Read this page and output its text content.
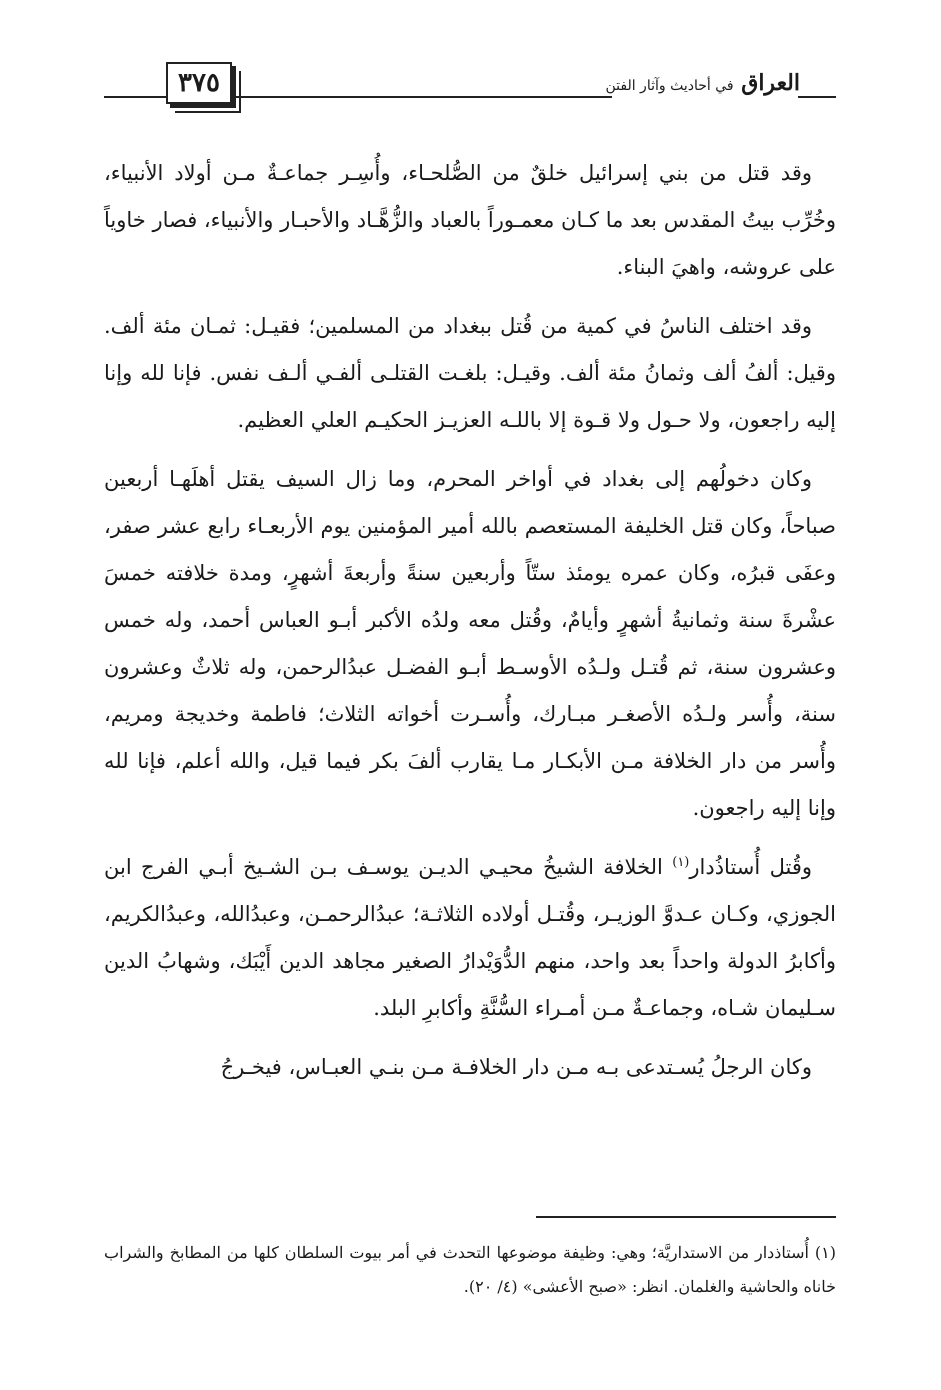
٣٧٥	العراق في أحاديث وآثار الفتن

وقد قتل من بني إسرائيل خلقٌ من الصُّلحـاء، وأُسِـر جماعـةٌ مـن أولاد الأنبياء، وخُرِّب بيتُ المقدس بعد ما كـان معمـوراً بالعباد والزُّهَّـاد والأحبـار والأنبياء، فصار خاوياً على عروشه، واهيَ البناء.

وقد اختلف الناسُ في كمية من قُتل ببغداد من المسلمين؛ فقيـل: ثمـان مئة ألف. وقيل: ألفُ ألف وثمانُ مئة ألف. وقيـل: بلغـت القتلـى ألفـي ألـف نفس. فإنا لله وإنا إليه راجعون، ولا حـول ولا قـوة إلا باللـه العزيـز الحكيـم العلي العظيم.

وكان دخولُهم إلى بغداد في أواخر المحرم، وما زال السيف يقتل أهلَهـا أربعين صباحاً، وكان قتل الخليفة المستعصم بالله أمير المؤمنين يوم الأربعـاء رابع عشر صفر، وعفَى قبرُه، وكان عمره يومئذ ستّاً وأربعين سنةً وأربعةَ أشهرٍ، ومدة خلافته خمسَ عشْرةَ سنة وثمانيةُ أشهرٍ وأيامٌ، وقُتل معه ولدُه الأكبر أبـو العباس أحمد، وله خمس وعشرون سنة، ثم قُتـل ولـدُه الأوسـط أبـو الفضـل عبدُالرحمن، وله ثلاثٌ وعشرون سنة، وأُسر ولـدُه الأصغـر مبـارك، وأُسـرت أخواته الثلاث؛ فاطمة وخديجة ومريم، وأُسر من دار الخلافة مـن الأبكـار مـا يقارب ألفَ بكر فيما قيل، والله أعلم، فإنا لله وإنا إليه راجعون.

وقُتل أُستاذُدار$^{(١)}$ الخلافة الشيخُ محيـي الديـن يوسـف بـن الشـيخ أبـي الفرج ابن الجوزي، وكـان عـدوَّ الوزيـر، وقُتـل أولاده الثلاثـة؛ عبدُالرحمـن، وعبدُالله، وعبدُالكريم، وأكابرُ الدولة واحداً بعد واحد، منهم الدُّوَيْدارُ الصغير مجاهد الدين أَيْبَك، وشهابُ الدين سـليمان شـاه، وجماعـةٌ مـن أمـراء السُّنَّةِ وأكابرِ البلد.

وكان الرجلُ يُسـتدعى بـه مـن دار الخلافـة مـن بنـي العبـاس، فيخـرجُ

(١) أُستاذدار من الاستداريَّة؛ وهي: وظيفة موضوعها التحدث في أمر بيوت السلطان كلها من المطابخ والشراب خاناه والحاشية والغلمان. انظر: «صبح الأعشى» (٤/ ٢٠).
